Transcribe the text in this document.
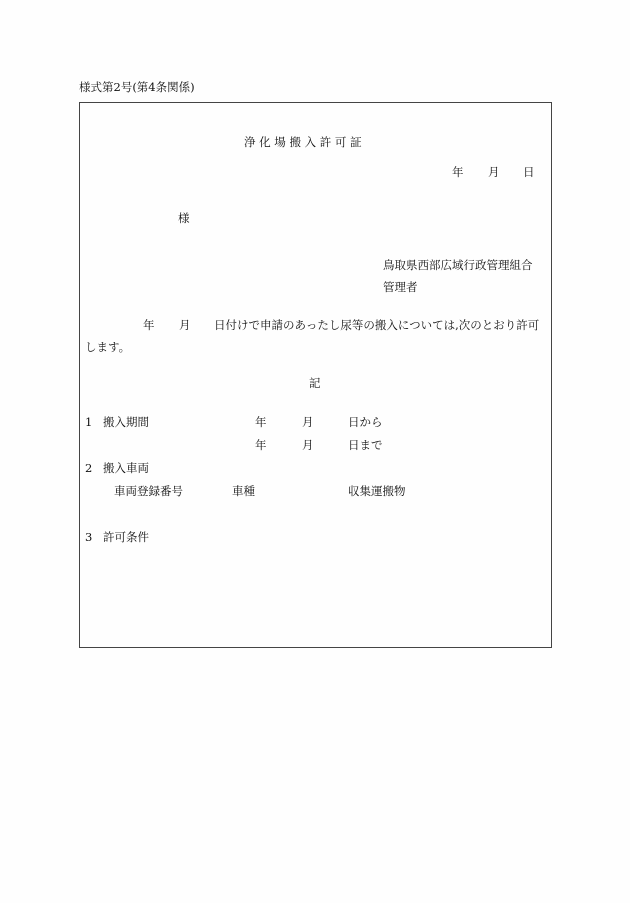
様式第2号(第4条関係)
浄 化 場 搬 入 許 可 証
年 月 日
様
鳥取県西部広域行政管理組合
管理者
年 月 日付けで申請のあったし尿等の搬入については,次のとおり許可
します。
記
1 搬入期間	年	月	日から
年	月	日まで
2 搬入車両
車両登録番号	車種	収集運搬物
3 許可条件
